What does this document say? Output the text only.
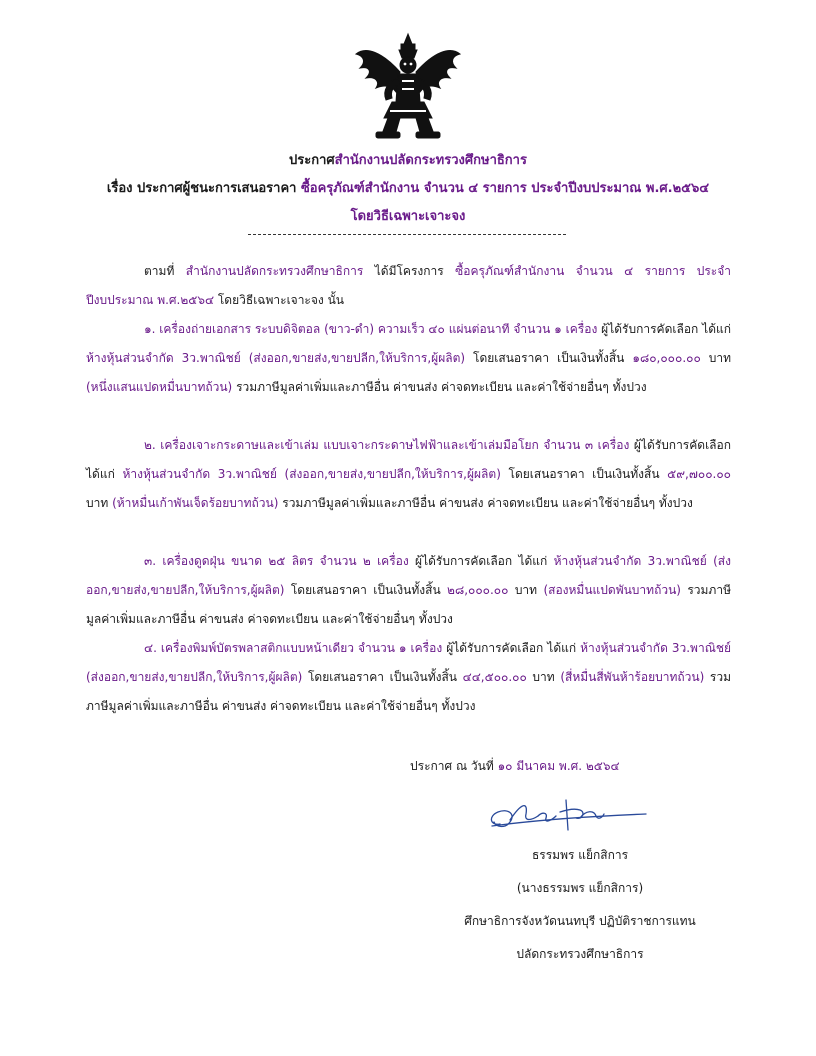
ประกาศสำนักงานปลัดกระทรวงศึกษาธิการ
เรื่อง ประกาศผู้ชนะการเสนอราคา ซื้อครุภัณฑ์สำนักงาน จำนวน ๔ รายการ ประจำปีงบประมาณ พ.ศ.๒๕๖๔
โดยวิธีเฉพาะเจาะจง

ตามที่ สำนักงานปลัดกระทรวงศึกษาธิการ ได้มีโครงการ ซื้อครุภัณฑ์สำนักงาน จำนวน ๔ รายการ ประจำปีงบประมาณ พ.ศ.๒๕๖๔ โดยวิธีเฉพาะเจาะจง นั้น

๑. เครื่องถ่ายเอกสาร ระบบดิจิตอล (ขาว-ดำ) ความเร็ว ๔๐ แผ่นต่อนาที จำนวน ๑ เครื่อง ผู้ได้รับการคัดเลือก ได้แก่ ห้างหุ้นส่วนจำกัด 3ว.พาณิชย์ (ส่งออก,ขายส่ง,ขายปลีก,ให้บริการ,ผู้ผลิต) โดยเสนอราคา เป็นเงินทั้งสิ้น ๑๘๐,๐๐๐.๐๐ บาท (หนึ่งแสนแปดหมื่นบาทถ้วน) รวมภาษีมูลค่าเพิ่มและภาษีอื่น ค่าขนส่ง ค่าจดทะเบียน และค่าใช้จ่ายอื่นๆ ทั้งปวง

๒. เครื่องเจาะกระดาษและเข้าเล่ม แบบเจาะกระดาษไฟฟ้าและเข้าเล่มมือโยก จำนวน ๓ เครื่อง ผู้ได้รับการคัดเลือก ได้แก่ ห้างหุ้นส่วนจำกัด 3ว.พาณิชย์ (ส่งออก,ขายส่ง,ขายปลีก,ให้บริการ,ผู้ผลิต) โดยเสนอราคา เป็นเงินทั้งสิ้น ๕๙,๗๐๐.๐๐ บาท (ห้าหมื่นเก้าพันเจ็ดร้อยบาทถ้วน) รวมภาษีมูลค่าเพิ่มและภาษีอื่น ค่าขนส่ง ค่าจดทะเบียน และค่าใช้จ่ายอื่นๆ ทั้งปวง

๓. เครื่องดูดฝุ่น ขนาด ๒๕ ลิตร จำนวน ๒ เครื่อง ผู้ได้รับการคัดเลือก ได้แก่ ห้างหุ้นส่วนจำกัด 3ว.พาณิชย์ (ส่งออก,ขายส่ง,ขายปลีก,ให้บริการ,ผู้ผลิต) โดยเสนอราคา เป็นเงินทั้งสิ้น ๒๘,๐๐๐.๐๐ บาท (สองหมื่นแปดพันบาทถ้วน) รวมภาษีมูลค่าเพิ่มและภาษีอื่น ค่าขนส่ง ค่าจดทะเบียน และค่าใช้จ่ายอื่นๆ ทั้งปวง

๔. เครื่องพิมพ์บัตรพลาสติกแบบหน้าเดียว จำนวน ๑ เครื่อง ผู้ได้รับการคัดเลือก ได้แก่ ห้างหุ้นส่วนจำกัด 3ว.พาณิชย์ (ส่งออก,ขายส่ง,ขายปลีก,ให้บริการ,ผู้ผลิต) โดยเสนอราคา เป็นเงินทั้งสิ้น ๔๔,๕๐๐.๐๐ บาท (สี่หมื่นสี่พันห้าร้อยบาทถ้วน) รวมภาษีมูลค่าเพิ่มและภาษีอื่น ค่าขนส่ง ค่าจดทะเบียน และค่าใช้จ่ายอื่นๆ ทั้งปวง

ประกาศ ณ วันที่ ๑๐ มีนาคม พ.ศ. ๒๕๖๔
ธรรมพร แย็กสิการ
(นางธรรมพร แย็กสิการ)
ศึกษาธิการจังหวัดนนทบุรี ปฏิบัติราชการแทน
ปลัดกระทรวงศึกษาธิการ
